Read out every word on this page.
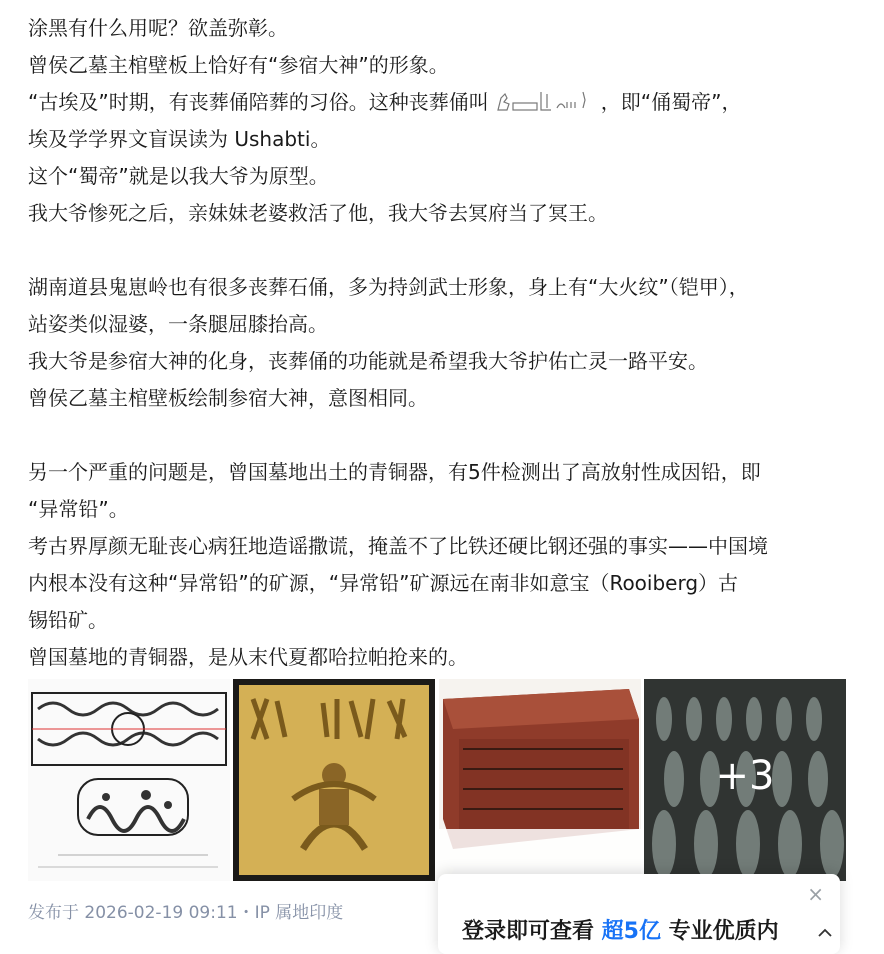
涂黑有什么用呢？欲盖弥彰。
曾侯乙墓主棺壁板上恰好有“参宿大神”的形象。
“古埃及”时期，有丧葬俑陪葬的习俗。这种丧葬俑叫	，即“俑蜀帝”，
埃及学学界文盲误读为 Ushabti。
这个“蜀帝”就是以我大爷为原型。
我大爷惨死之后，亲妹妹老婆救活了他，我大爷去冥府当了冥王。
湖南道县鬼崽岭也有很多丧葬石俑，多为持剑武士形象，身上有“大火纹”（铠甲），
站姿类似湿婆，一条腿屈膝抬高。
我大爷是参宿大神的化身，丧葬俑的功能就是希望我大爷护佑亡灵一路平安。
曾侯乙墓主棺壁板绘制参宿大神，意图相同。
另一个严重的问题是，曾国墓地出土的青铜器，有5件检测出了高放射性成因铅，即
“异常铅”。
考古界厚颜无耻丧心病狂地造谣撒谎，掩盖不了比铁还硬比钢还强的事实——中国境
内根本没有这种“异常铅”的矿源，“异常铅”矿源远在南非如意宝（Rooiberg）古
锡铅矿。
曾国墓地的青铜器，是从末代夏都哈拉帕抢来的。
+3
发布于 2026-02-19 09:11・IP 属地印度
×
登录即可查看 超5亿 专业优质内
